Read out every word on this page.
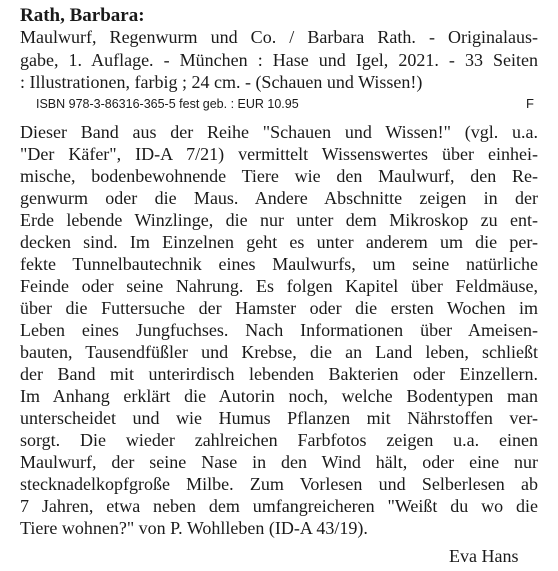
Rath, Barbara:
Maulwurf, Regenwurm und Co. / Barbara Rath. - Originalaus-
gabe, 1. Auflage. - München : Hase und Igel, 2021. - 33 Seiten
: Illustrationen, farbig ; 24 cm. - (Schauen und Wissen!)
ISBN 978-3-86316-365-5 fest geb. : EUR 10.95	F
Dieser Band aus der Reihe "Schauen und Wissen!" (vgl. u.a.
"Der Käfer", ID-A 7/21) vermittelt Wissenswertes über einhei-
mische, bodenbewohnende Tiere wie den Maulwurf, den Re-
genwurm oder die Maus. Andere Abschnitte zeigen in der
Erde lebende Winzlinge, die nur unter dem Mikroskop zu ent-
decken sind. Im Einzelnen geht es unter anderem um die per-
fekte Tunnelbautechnik eines Maulwurfs, um seine natürliche
Feinde oder seine Nahrung. Es folgen Kapitel über Feldmäuse,
über die Futtersuche der Hamster oder die ersten Wochen im
Leben eines Jungfuchses. Nach Informationen über Ameisen-
bauten, Tausendfüßler und Krebse, die an Land leben, schließt
der Band mit unterirdisch lebenden Bakterien oder Einzellern.
Im Anhang erklärt die Autorin noch, welche Bodentypen man
unterscheidet und wie Humus Pflanzen mit Nährstoffen ver-
sorgt. Die wieder zahlreichen Farbfotos zeigen u.a. einen
Maulwurf, der seine Nase in den Wind hält, oder eine nur
stecknadelkopfgroße Milbe. Zum Vorlesen und Selberlesen ab
7 Jahren, etwa neben dem umfangreicheren "Weißt du wo die
Tiere wohnen?" von P. Wohlleben (ID-A 43/19).
Eva Hans
